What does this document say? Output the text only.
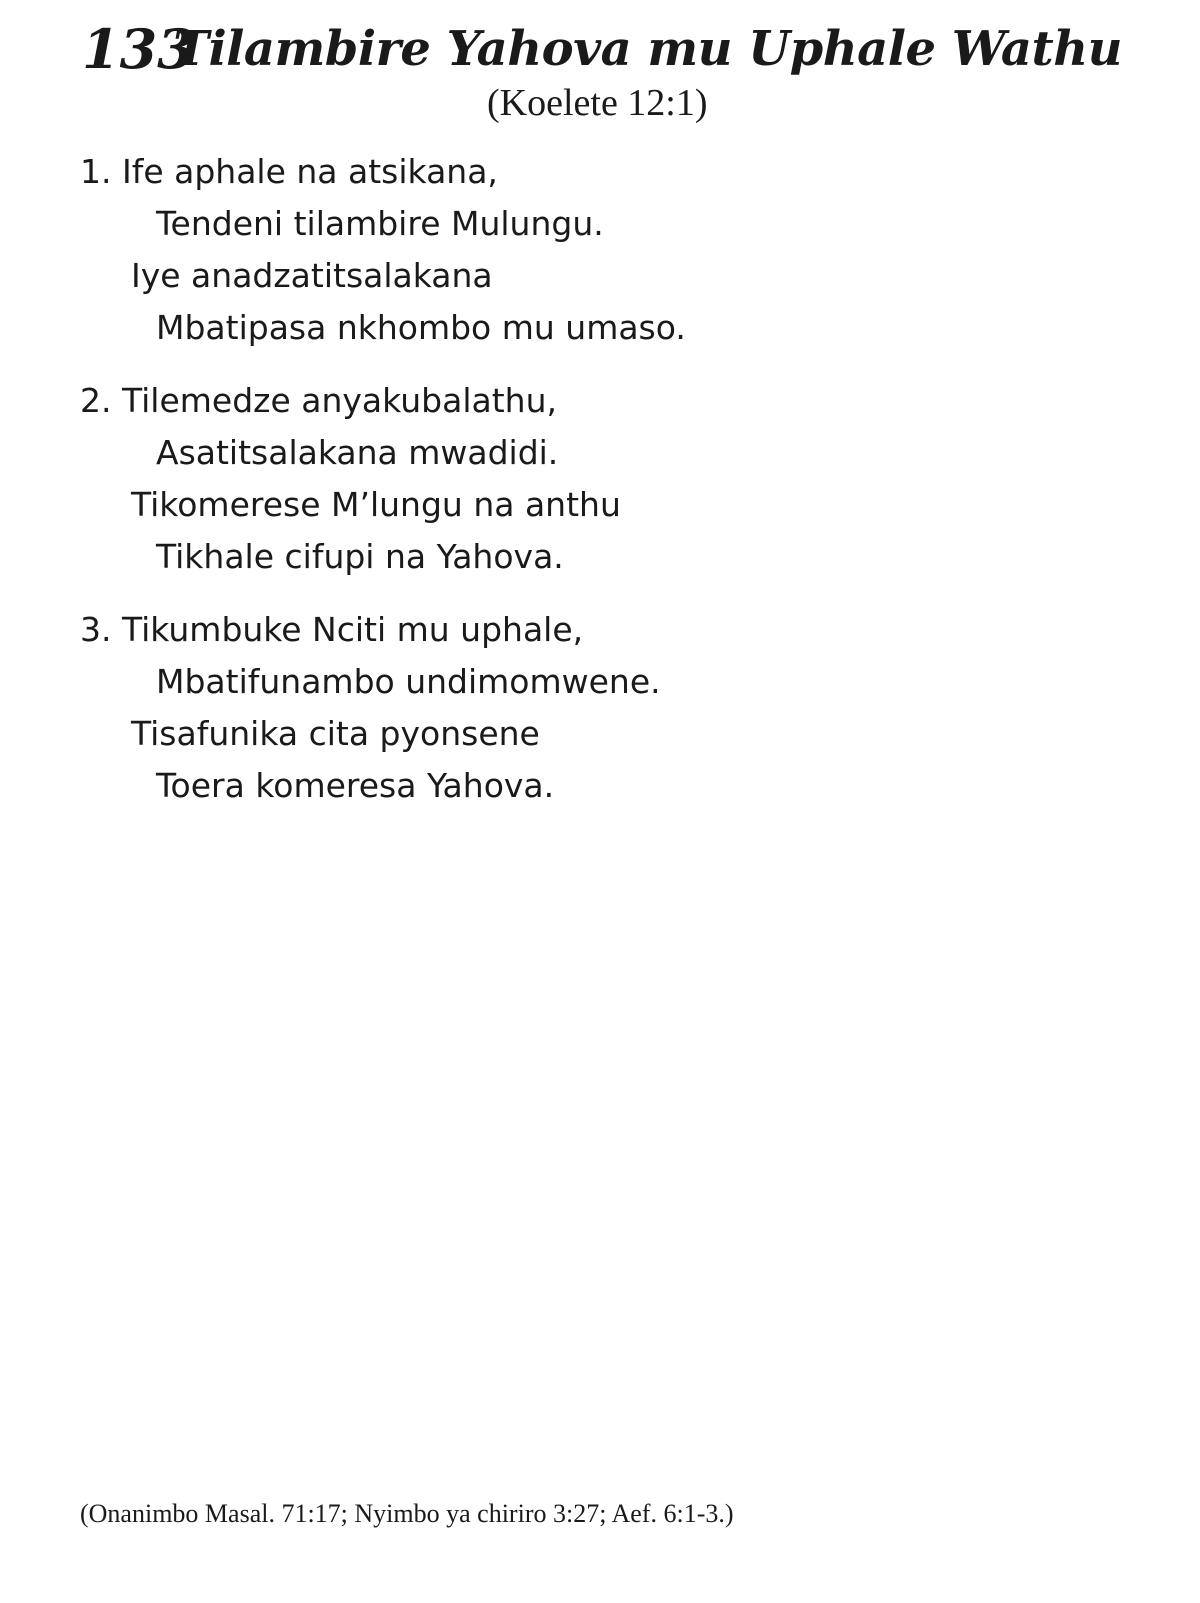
133
Tilambire Yahova mu Uphale Wathu
(Koelete 12:1)
1. Ife aphale na atsikana,
Tendeni tilambire Mulungu.
Iye anadzatitsalakana
Mbatipasa nkhombo mu umaso.
2. Tilemedze anyakubalathu,
Asatitsalakana mwadidi.
Tikomerese M’lungu na anthu
Tikhale cifupi na Yahova.
3. Tikumbuke Nciti mu uphale,
Mbatifunambo undimomwene.
Tisafunika cita pyonsene
Toera komeresa Yahova.
(Onanimbo Masal. 71:17; Nyimbo ya chiriro 3:27; Aef. 6:1-3.)
